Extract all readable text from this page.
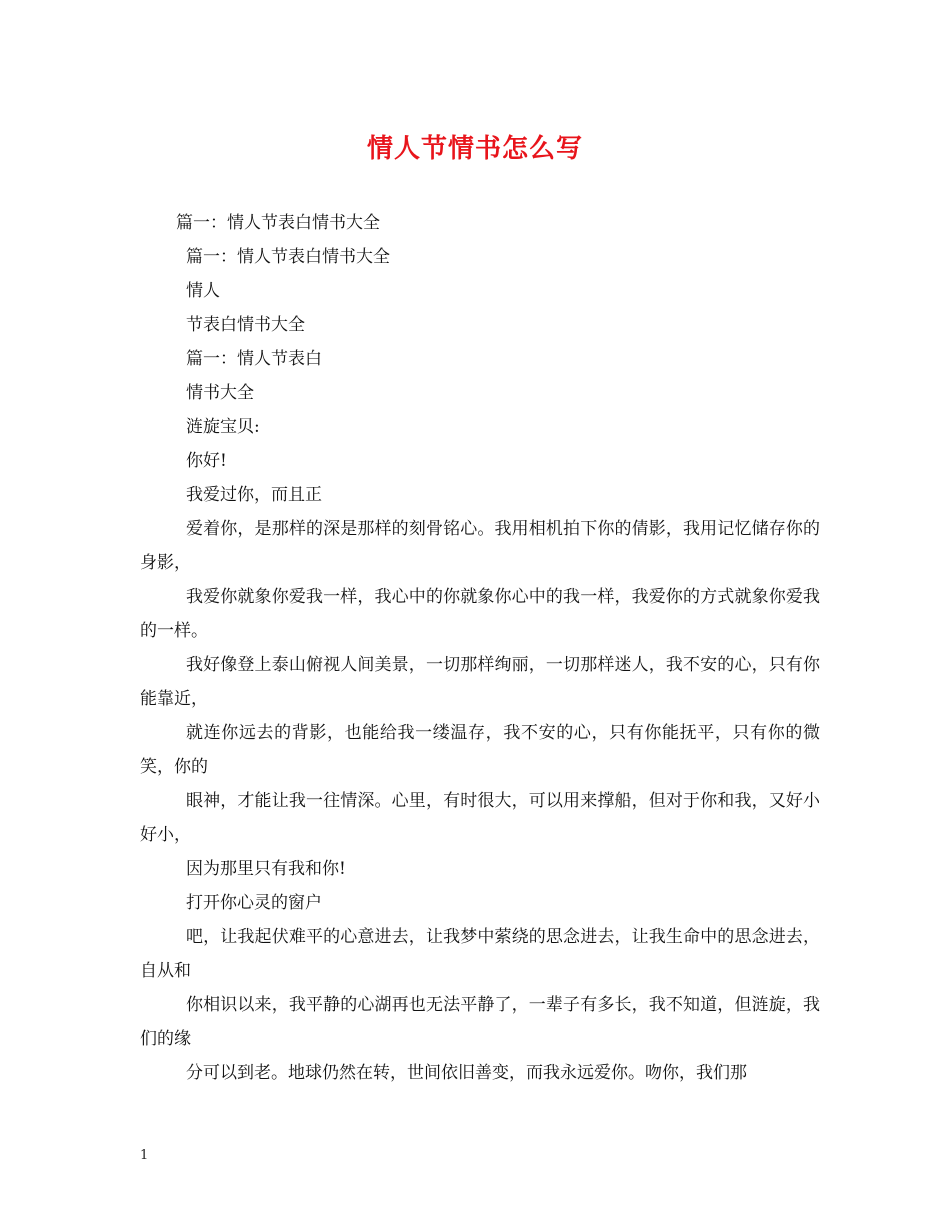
情人节情书怎么写

篇一：情人节表白情书大全

篇一：情人节表白情书大全

情人

节表白情书大全

篇一：情人节表白

情书大全

涟旋宝贝:

你好!

我爱过你，而且正

爱着你，是那样的深是那样的刻骨铭心。我用相机拍下你的倩影，我用记忆储存你的身影，

我爱你就象你爱我一样，我心中的你就象你心中的我一样，我爱你的方式就象你爱我的一样。

我好像登上泰山俯视人间美景，一切那样绚丽，一切那样迷人，我不安的心，只有你能靠近，

就连你远去的背影，也能给我一缕温存，我不安的心，只有你能抚平，只有你的微笑，你的

眼神，才能让我一往情深。心里，有时很大，可以用来撑船，但对于你和我，又好小好小，

因为那里只有我和你!

打开你心灵的窗户

吧，让我起伏难平的心意进去，让我梦中萦绕的思念进去，让我生命中的思念进去，自从和

你相识以来，我平静的心湖再也无法平静了，一辈子有多长，我不知道，但涟旋，我们的缘

分可以到老。地球仍然在转，世间依旧善变，而我永远爱你。吻你，我们那

1
